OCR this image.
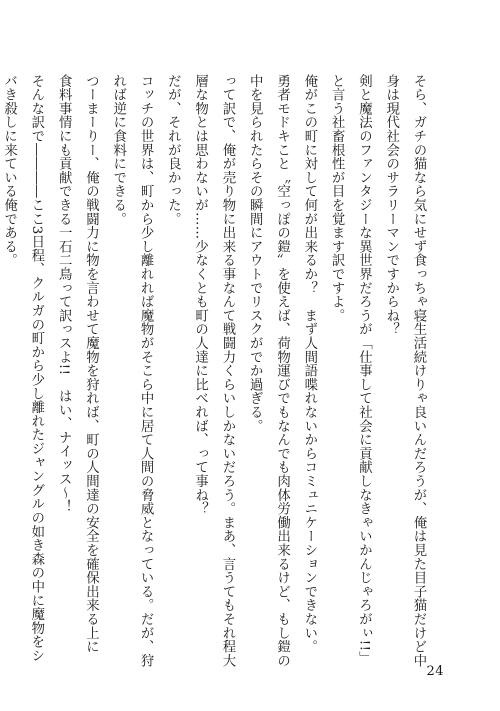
そら、ガチの猫なら気にせず食っちゃ寝生活続けりゃ良いんだろうが、俺は見た目子猫だけど中
身は現代社会のサラリーマンですからね？
剣と魔法のファンタジーな異世界だろうが「仕事して社会に貢献しなきゃいかんじゃろがぃ!!」
と言う社畜根性が目を覚ます訳ですよ。
俺がこの町に対して何が出来るか？　まず人間語喋れないからコミュニケーションできない。
勇者モドキこと〝空っぽの鎧〟を使えば、荷物運びでもなんでも肉体労働出来るけど、もし鎧の
中を見られたらその瞬間にアウトでリスクがでか過ぎる。
って訳で、俺が売り物に出来る事なんて戦闘力くらいしかないだろう。まあ、言うてもそれ程大
層な物とは思わないが……少なくとも町の人達に比べれば、って事ね？
だが、それが良かった。
コッチの世界は、町から少し離れれば魔物がそこら中に居て人間の脅威となっている。だが、狩
れば逆に食料にできる。
つーまーりー、俺の戦闘力に物を言わせて魔物を狩れば、町の人間達の安全を確保出来る上に
食料事情にも貢献できる一石二鳥って訳っスよ!!　はい、ナイッス～！
そんな訳で――――ここ3日程、クルガの町から少し離れたジャングルの如き森の中に魔物をシ
バき殺しに来ている俺である。
24
